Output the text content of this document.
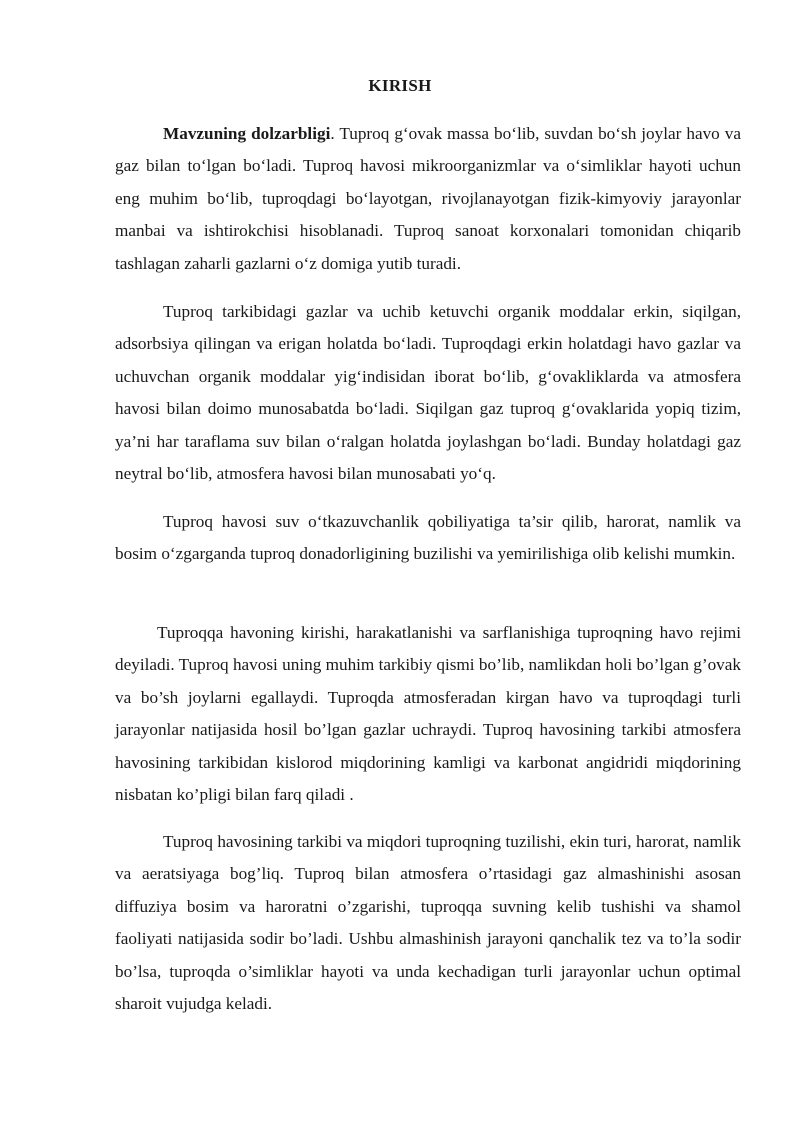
KIRISH

Mavzuning dolzarbligi. Tuproq g‘ovak massa bo‘lib, suvdan bo‘sh joylar havo va gaz bilan to‘lgan bo‘ladi. Tuproq havosi mikroorganizmlar va o‘simliklar hayoti uchun eng muhim bo‘lib, tuproqdagi bo‘layotgan, rivojlanayotgan fizik-kimyoviy jarayonlar manbai va ishtirokchisi hisoblanadi. Tuproq sanoat korxonalari tomonidan chiqarib tashlagan zaharli gazlarni o‘z domiga yutib turadi.

Tuproq tarkibidagi gazlar va uchib ketuvchi organik moddalar erkin, siqilgan, adsorbsiya qilingan va erigan holatda bo‘ladi. Tuproqdagi erkin holatdagi havo gazlar va uchuvchan organik moddalar yig‘indisidan iborat bo‘lib, g‘ovakliklarda va atmosfera havosi bilan doimo munosabatda bo‘ladi. Siqilgan gaz tuproq g‘ovaklarida yopiq tizim, ya’ni har taraflama suv bilan o‘ralgan holatda joylashgan bo‘ladi. Bunday holatdagi gaz neytral bo‘lib, atmosfera havosi bilan munosabati yo‘q.

Tuproq havosi suv o‘tkazuvchanlik qobiliyatiga ta’sir qilib, harorat, namlik va bosim o‘zgarganda tuproq donadorligining buzilishi va yemirilishiga olib kelishi mumkin.

Tuproqqa havoning kirishi, harakatlanishi va sarflanishiga tuproqning havo rejimi deyiladi. Tuproq havosi uning muhim tarkibiy qismi bo’lib, namlikdan holi bo’lgan g’ovak va bo’sh joylarni egallaydi. Tuproqda atmosferadan kirgan havo va tuproqdagi turli jarayonlar natijasida hosil bo’lgan gazlar uchraydi. Tuproq havosining tarkibi atmosfera havosining tarkibidan kislorod miqdorining kamligi va karbonat angidridi miqdorining nisbatan ko’pligi bilan farq qiladi .

Tuproq havosining tarkibi va miqdori tuproqning tuzilishi, ekin turi, harorat, namlik va aeratsiyaga bog’liq. Tuproq bilan atmosfera o’rtasidagi gaz almashinishi asosan diffuziya bosim va haroratni o’zgarishi, tuproqqa suvning kelib tushishi va shamol faoliyati natijasida sodir bo’ladi. Ushbu almashinish jarayoni qanchalik tez va to’la sodir bo’lsa, tuproqda o’simliklar hayoti va unda kechadigan turli jarayonlar uchun optimal sharoit vujudga keladi.
